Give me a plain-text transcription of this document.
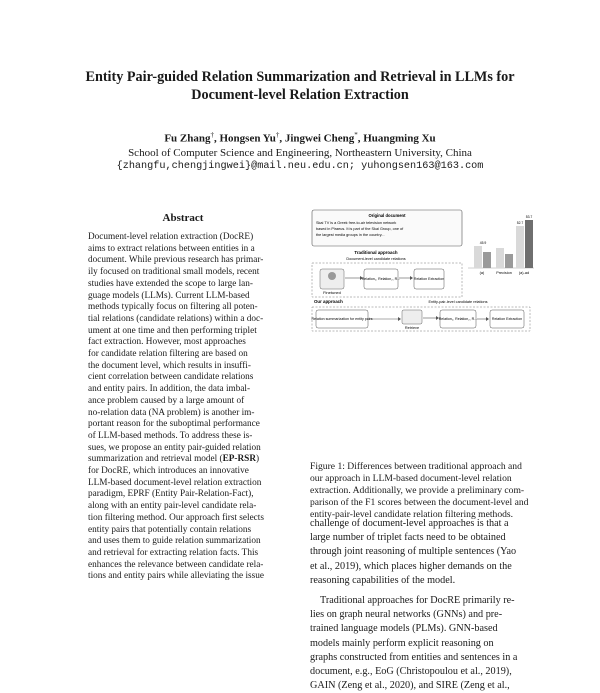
Entity Pair-guided Relation Summarization and Retrieval in LLMs for
Document-level Relation Extraction
Fu Zhang†, Hongsen Yu†, Jingwei Cheng*, Huangming Xu
School of Computer Science and Engineering, Northeastern University, China
{zhangfu,chengjingwei}@mail.neu.edu.cn; yuhongsen163@163.com
Abstract
Document-level relation extraction (DocRE)
aims to extract relations between entities in a
document. While previous research has primar-
ily focused on traditional small models, recent
studies have extended the scope to large lan-
guage models (LLMs). Current LLM-based
methods typically focus on filtering all poten-
tial relations (candidate relations) within a doc-
ument at one time and then performing triplet
fact extraction. However, most approaches
for candidate relation filtering are based on
the document level, which results in insuffi-
cient correlation between candidate relations
and entity pairs. In addition, the data imbal-
ance problem caused by a large amount of
no-relation data (NA problem) is another im-
portant reason for the suboptimal performance
of LLM-based methods. To address these is-
sues, we propose an entity pair-guided relation
summarization and retrieval model (EP-RSR)
for DocRE, which introduces an innovative
LLM-based document-level relation extraction
paradigm, EPRF (Entity Pair-Relation-Fact),
along with an entity pair-level candidate rela-
tion filtering method. Our approach first selects
entity pairs that potentially contain relations
and uses them to guide relation summarization
and retrieval for extracting relation facts. This
enhances the relevance between candidate rela-
tions and entity pairs while alleviating the issue
Original document
Skai TV is a Greek free-to-air television network
based in Piraeus. It is part of the Skai Group, one of
the largest media groups in the country...
Traditional approach
Document-level candidate relations
Finetuned
Relation₁, Relation₂, R...	Relation Extraction
Our approach	Entity-pair-level candidate relations
Relation summarization for entity pairs
Retrieve
Relation₁, Relation₂, R...	Relation Extraction
52.7
53.7
45.9
(a)	Precision (a)-ad
Figure 1: Differences between traditional approach and
our approach in LLM-based document-level relation
extraction. Additionally, we provide a preliminary com-
parison of the F1 scores between the document-level and
entity-pair-level candidate relation filtering methods.
challenge of document-level approaches is that a
large number of triplet facts need to be obtained
through joint reasoning of multiple sentences (Yao
et al., 2019), which places higher demands on the
reasoning capabilities of the model.
Traditional approaches for DocRE primarily re-
lies on graph neural networks (GNNs) and pre-
trained language models (PLMs). GNN-based
models mainly perform explicit reasoning on
graphs constructed from entities and sentences in a
document, e.g., EoG (Christopoulou et al., 2019),
GAIN (Zeng et al., 2020), and SIRE (Zeng et al.,
